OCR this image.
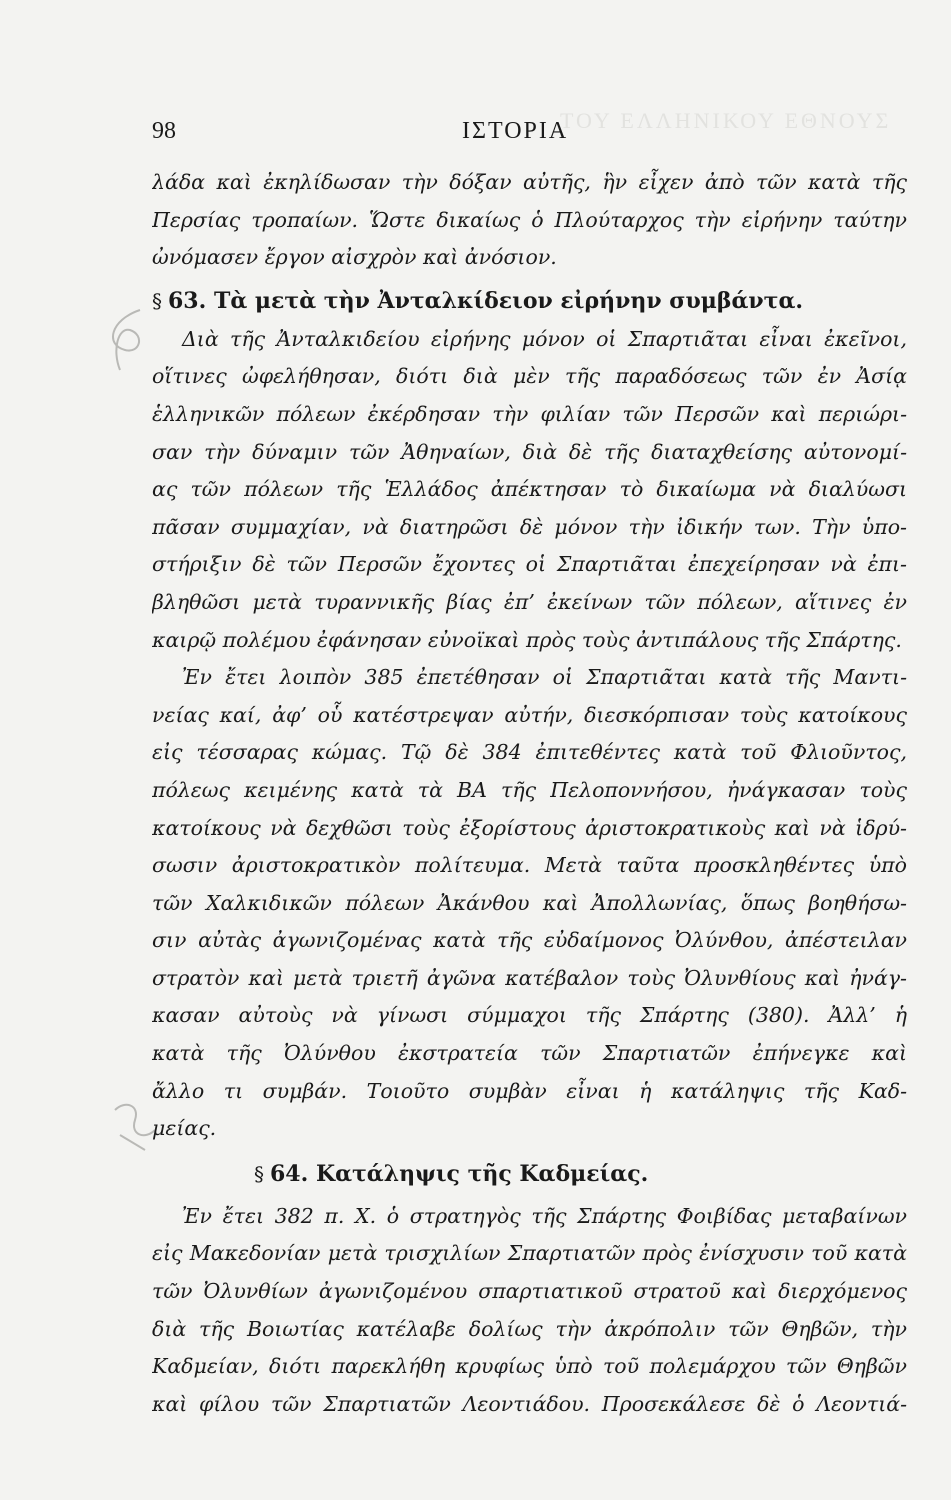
ΤΟΥ ΕΛΛΗΝΙΚΟΥ ΕΘΝΟΥΣ
98	ΙΣΤΟΡΙΑ
λάδα καὶ ἐκηλίδωσαν τὴν δόξαν αὐτῆς, ἣν εἶχεν ἀπὸ τῶν κατὰ τῆς
Περσίας τροπαίων. Ὥστε δικαίως ὁ Πλούταρχος τὴν εἰρήνην ταύτην
ὠνόμασεν ἔργον αἰσχρὸν καὶ ἀνόσιον.
§ 63. Τὰ μετὰ τὴν Ἀνταλκίδειον εἰρήνην συμβάντα.
Διὰ τῆς Ἀνταλκιδείου εἰρήνης μόνον οἱ Σπαρτιᾶται εἶναι ἐκεῖνοι,
οἵτινες ὠφελήθησαν, διότι διὰ μὲν τῆς παραδόσεως τῶν ἐν Ἀσίᾳ
ἑλληνικῶν πόλεων ἐκέρδησαν τὴν φιλίαν τῶν Περσῶν καὶ περιώρι-
σαν τὴν δύναμιν τῶν Ἀθηναίων, διὰ δὲ τῆς διαταχθείσης αὐτονομί-
ας τῶν πόλεων τῆς Ἑλλάδος ἀπέκτησαν τὸ δικαίωμα νὰ διαλύωσι
πᾶσαν συμμαχίαν, νὰ διατηρῶσι δὲ μόνον τὴν ἰδικήν των. Τὴν ὑπο-
στήριξιν δὲ τῶν Περσῶν ἔχοντες οἱ Σπαρτιᾶται ἐπεχείρησαν νὰ ἐπι-
βληθῶσι μετὰ τυραννικῆς βίας ἐπ’ ἐκείνων τῶν πόλεων, αἵτινες ἐν
καιρῷ πολέμου ἐφάνησαν εὐνοϊκαὶ πρὸς τοὺς ἀντιπάλους τῆς Σπάρτης.
Ἐν ἔτει λοιπὸν 385 ἐπετέθησαν οἱ Σπαρτιᾶται κατὰ τῆς Μαντι-
νείας καί, ἀφ’ οὗ κατέστρεψαν αὐτήν, διεσκόρπισαν τοὺς κατοίκους
εἰς τέσσαρας κώμας. Τῷ δὲ 384 ἐπιτεθέντες κατὰ τοῦ Φλιοῦντος,
πόλεως κειμένης κατὰ τὰ ΒΑ τῆς Πελοποννήσου, ἠνάγκασαν τοὺς
κατοίκους νὰ δεχθῶσι τοὺς ἐξορίστους ἀριστοκρατικοὺς καὶ νὰ ἱδρύ-
σωσιν ἀριστοκρατικὸν πολίτευμα. Μετὰ ταῦτα προσκληθέντες ὑπὸ
τῶν Χαλκιδικῶν πόλεων Ἀκάνθου καὶ Ἀπολλωνίας, ὅπως βοηθήσω-
σιν αὐτὰς ἀγωνιζομένας κατὰ τῆς εὐδαίμονος Ὀλύνθου, ἀπέστειλαν
στρατὸν καὶ μετὰ τριετῆ ἀγῶνα κατέβαλον τοὺς Ὀλυνθίους καὶ ἠνάγ-
κασαν αὐτοὺς νὰ γίνωσι σύμμαχοι τῆς Σπάρτης (380). Ἀλλ’ ἡ
κατὰ τῆς Ὀλύνθου ἐκστρατεία τῶν Σπαρτιατῶν ἐπήνεγκε καὶ
ἄλλο τι συμβάν. Τοιοῦτο συμβὰν εἶναι ἡ κατάληψις τῆς Καδ-
μείας.
§ 64. Κατάληψις τῆς Καδμείας.
Ἐν ἔτει 382 π. Χ. ὁ στρατηγὸς τῆς Σπάρτης Φοιβίδας μεταβαίνων
εἰς Μακεδονίαν μετὰ τρισχιλίων Σπαρτιατῶν πρὸς ἐνίσχυσιν τοῦ κατὰ
τῶν Ὀλυνθίων ἀγωνιζομένου σπαρτιατικοῦ στρατοῦ καὶ διερχόμενος
διὰ τῆς Βοιωτίας κατέλαβε δολίως τὴν ἀκρόπολιν τῶν Θηβῶν, τὴν
Καδμείαν, διότι παρεκλήθη κρυφίως ὑπὸ τοῦ πολεμάρχου τῶν Θηβῶν
καὶ φίλου τῶν Σπαρτιατῶν Λεοντιάδου. Προσεκάλεσε δὲ ὁ Λεοντιά-
